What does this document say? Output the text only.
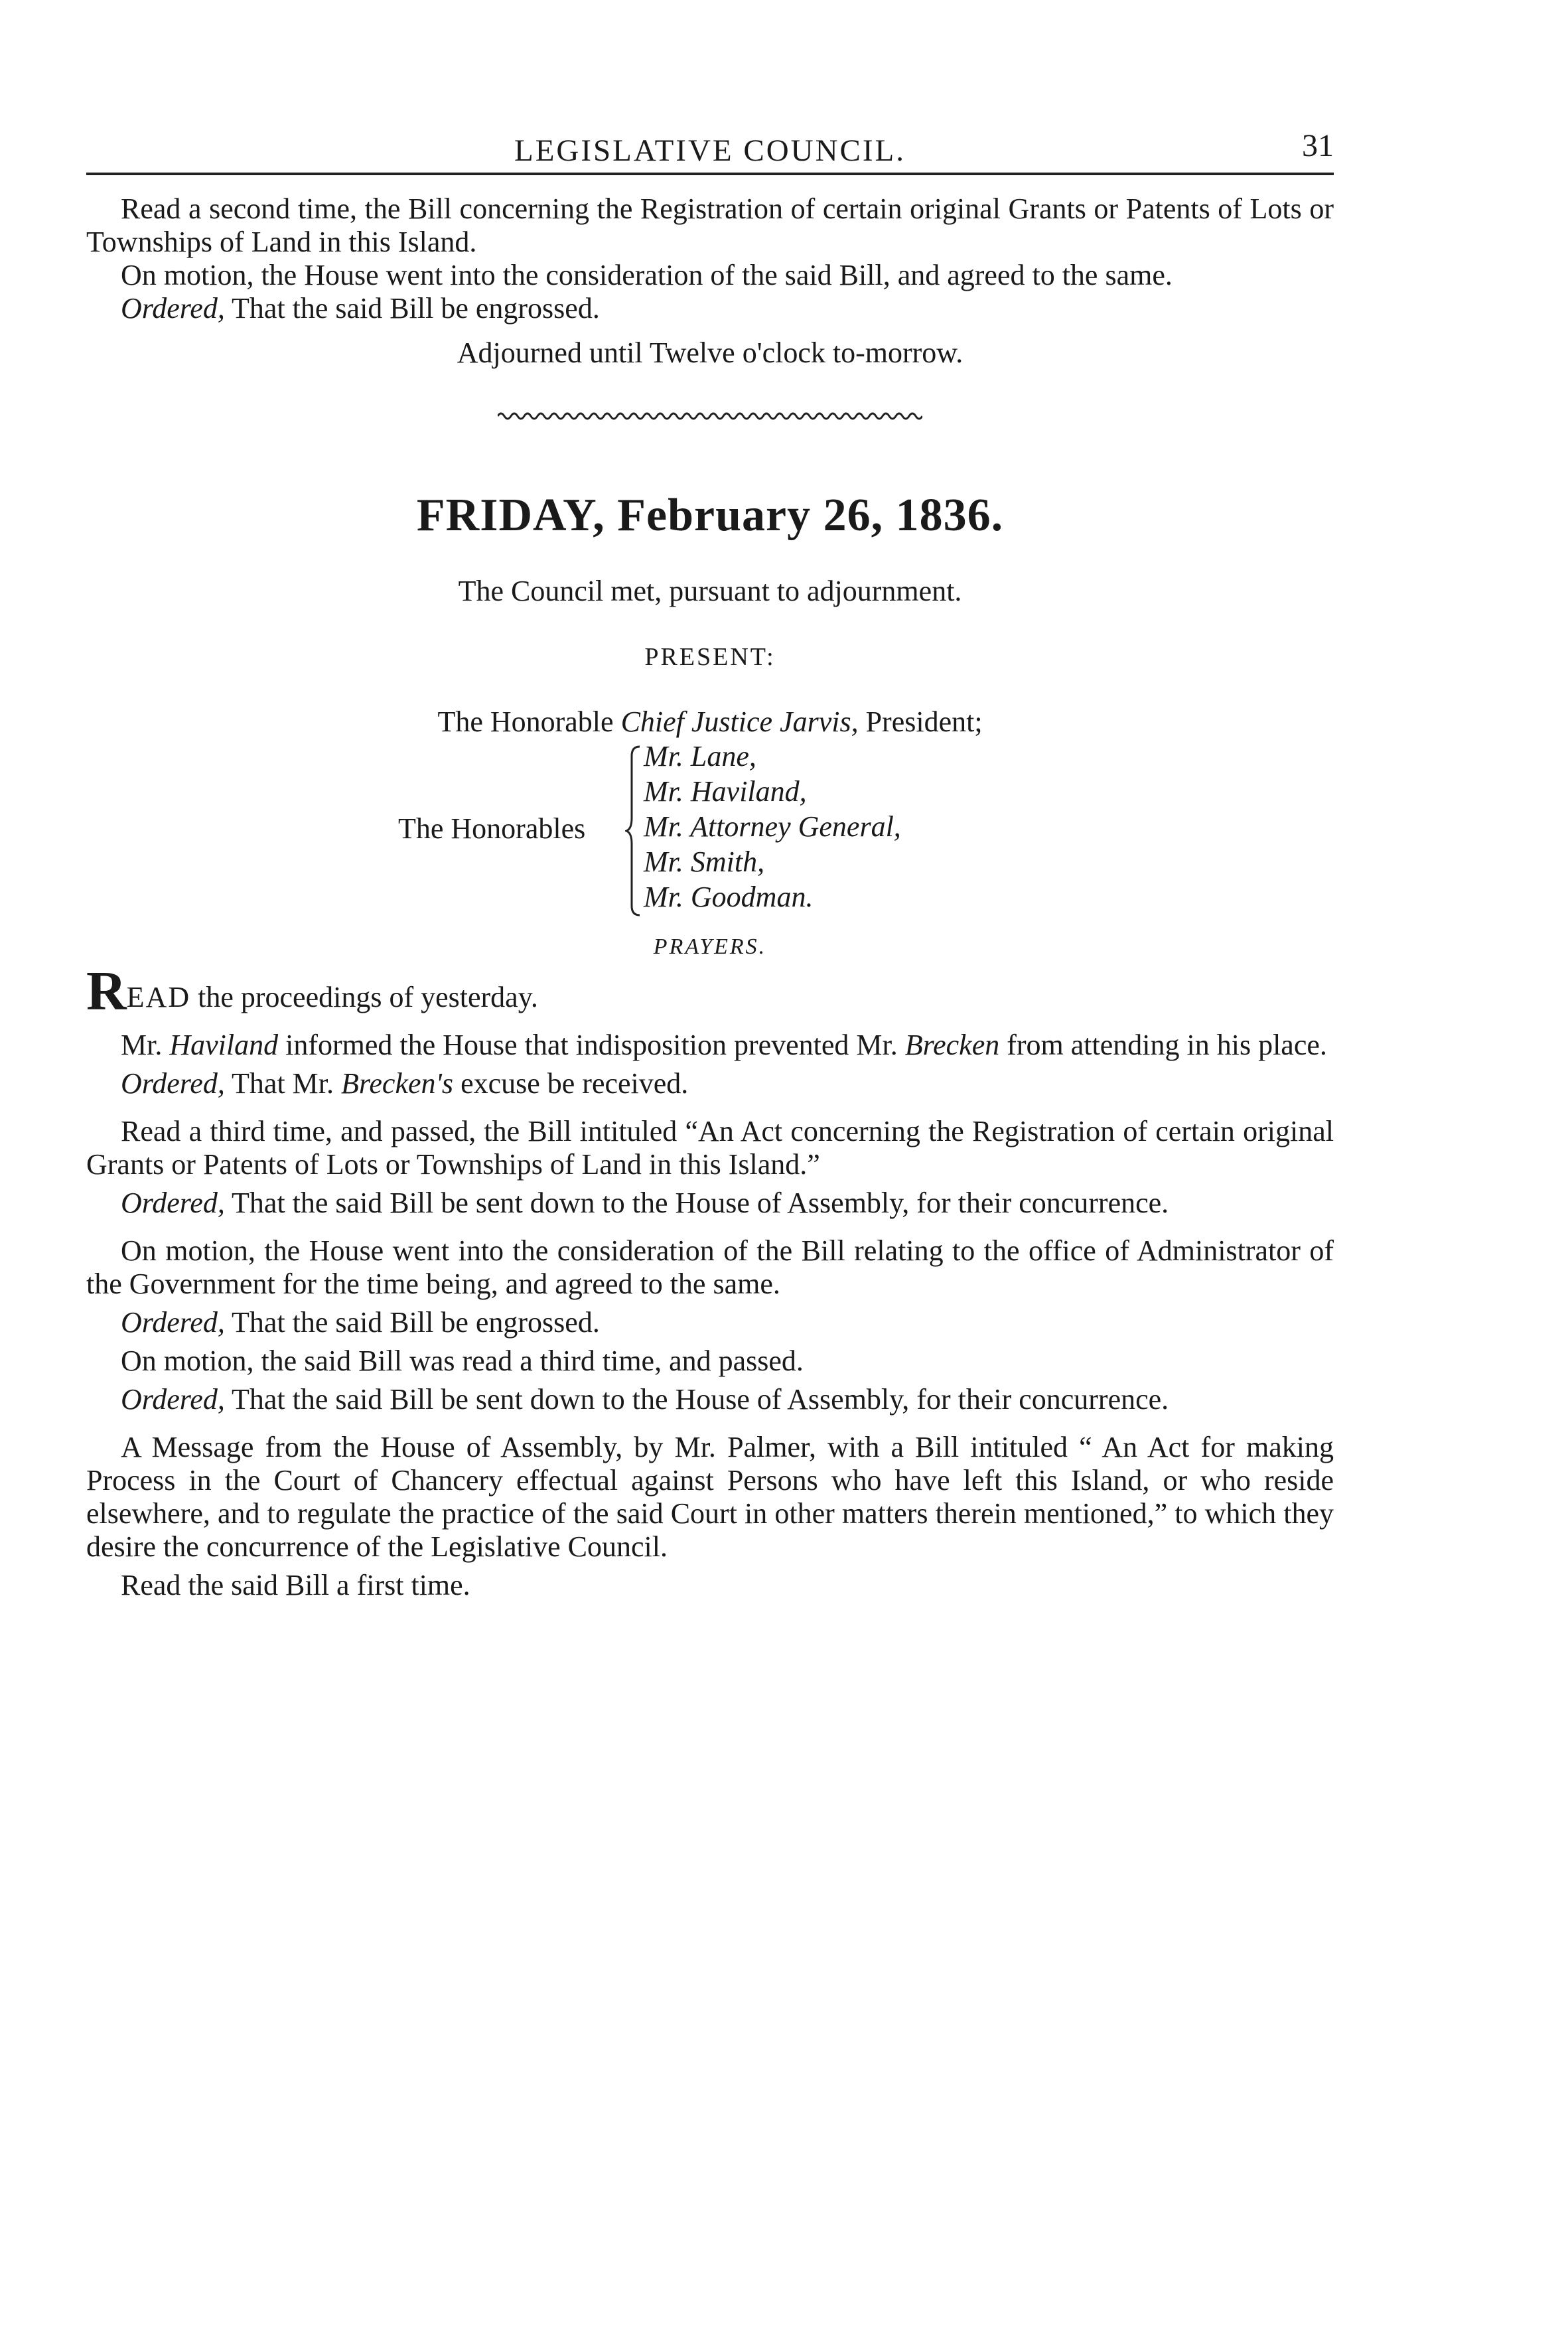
LEGISLATIVE COUNCIL.	31

Read a second time, the Bill concerning the Registration of certain original Grants or Patents of Lots or Townships of Land in this Island.

On motion, the House went into the consideration of the said Bill, and agreed to the same.

Ordered, That the said Bill be engrossed.

Adjourned until Twelve o'clock to-morrow.
FRIDAY, February 26, 1836.
The Council met, pursuant to adjournment.
PRESENT:
The Honorable Chief Justice Jarvis, President;
The Honorables
Mr. Lane,
Mr. Haviland,
Mr. Attorney General,
Mr. Smith,
Mr. Goodman.
PRAYERS.
READ the proceedings of yesterday.

Mr. Haviland informed the House that indisposition prevented Mr. Brecken from attending in his place.

Ordered, That Mr. Brecken's excuse be received.

Read a third time, and passed, the Bill intituled “An Act concerning the Registration of certain original Grants or Patents of Lots or Townships of Land in this Island.”

Ordered, That the said Bill be sent down to the House of Assembly, for their concurrence.

On motion, the House went into the consideration of the Bill relating to the office of Administrator of the Government for the time being, and agreed to the same.

Ordered, That the said Bill be engrossed.

On motion, the said Bill was read a third time, and passed.

Ordered, That the said Bill be sent down to the House of Assembly, for their concurrence.

A Message from the House of Assembly, by Mr. Palmer, with a Bill intituled “ An Act for making Process in the Court of Chancery effectual against Persons who have left this Island, or who reside elsewhere, and to regulate the practice of the said Court in other matters therein mentioned,” to which they desire the concurrence of the Legislative Council.

Read the said Bill a first time.
